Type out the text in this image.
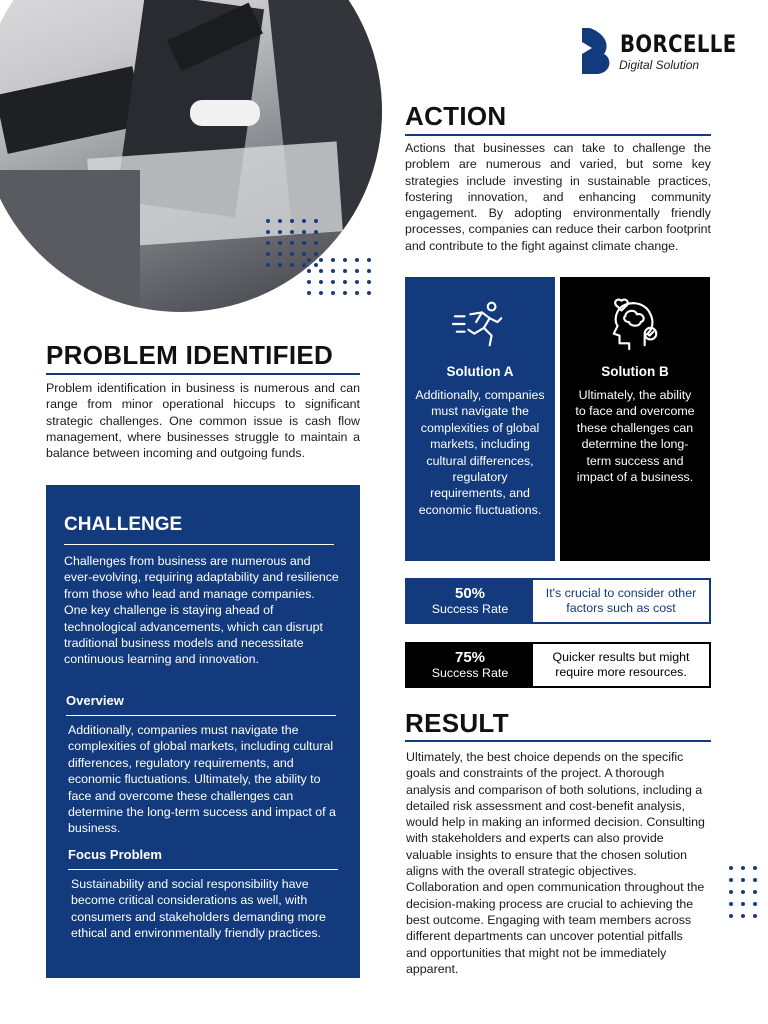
BORCELLE
Digital Solution
ACTION
Actions that businesses can take to challenge the problem are numerous and varied, but some key strategies include investing in sustainable practices, fostering innovation, and enhancing community engagement. By adopting environmentally friendly processes, companies can reduce their carbon footprint and contribute to the fight against climate change.
Solution A
Additionally, companies must navigate the complexities of global markets, including cultural differences, regulatory requirements, and economic fluctuations.
Solution B
Ultimately, the ability to face and overcome these challenges can determine the long-term success and impact of a business.
50%
Success Rate
It's crucial to consider other factors such as cost
75%
Success Rate
Quicker results but might require more resources.
RESULT
Ultimately, the best choice depends on the specific goals and constraints of the project. A thorough analysis and comparison of both solutions, including a detailed risk assessment and cost-benefit analysis, would help in making an informed decision. Consulting with stakeholders and experts can also provide valuable insights to ensure that the chosen solution aligns with the overall strategic objectives. Collaboration and open communication throughout the decision-making process are crucial to achieving the best outcome. Engaging with team members across different departments can uncover potential pitfalls and opportunities that might not be immediately apparent.
PROBLEM IDENTIFIED
Problem identification in business is numerous and can range from minor operational hiccups to significant strategic challenges. One common issue is cash flow management, where businesses struggle to maintain a balance between incoming and outgoing funds.
CHALLENGE
Challenges from business are numerous and ever-evolving, requiring adaptability and resilience from those who lead and manage companies. One key challenge is staying ahead of technological advancements, which can disrupt traditional business models and necessitate continuous learning and innovation.
Overview
Additionally, companies must navigate the complexities of global markets, including cultural differences, regulatory requirements, and economic fluctuations. Ultimately, the ability to face and overcome these challenges can determine the long-term success and impact of a business.
Focus Problem
Sustainability and social responsibility have become critical considerations as well, with consumers and stakeholders demanding more ethical and environmentally friendly practices.
